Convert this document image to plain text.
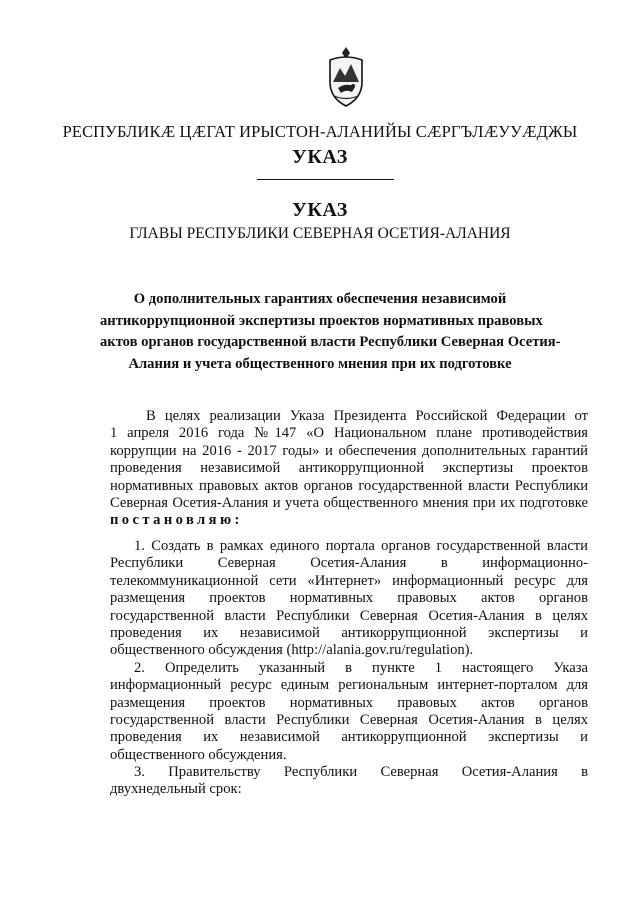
РЕСПУБЛИКӔ ЦӔГАТ ИРЫСТОН-АЛАНИЙЫ СӔРГЪЛӔУУӔДЖЫ
УКАЗ
УКАЗ
ГЛАВЫ РЕСПУБЛИКИ СЕВЕРНАЯ ОСЕТИЯ-АЛАНИЯ
О дополнительных гарантиях обеспечения независимой
антикоррупционной экспертизы проектов нормативных правовых
актов органов государственной власти Республики Северная Осетия-
Алания и учета общественного мнения при их подготовке
В целях реализации Указа Президента Российской Федерации от
1 апреля 2016 года №147 «О Национальном плане противодействия
коррупции на 2016 - 2017 годы» и обеспечения дополнительных гарантий
проведения независимой антикоррупционной экспертизы проектов
нормативных правовых актов органов государственной власти Республики
Северная Осетия-Алания и учета общественного мнения при их подготовке
постановляю:
1. Создать в рамках единого портала органов государственной власти
Республики Северная Осетия-Алания в информационно-
телекоммуникационной сети «Интернет» информационный ресурс для
размещения проектов нормативных правовых актов органов
государственной власти Республики Северная Осетия-Алания в целях
проведения их независимой антикоррупционной экспертизы и
общественного обсуждения (http://alania.gov.ru/regulation).
2. Определить указанный в пункте 1 настоящего Указа
информационный ресурс единым региональным интернет-порталом для
размещения проектов нормативных правовых актов органов
государственной власти Республики Северная Осетия-Алания в целях
проведения их независимой антикоррупционной экспертизы и
общественного обсуждения.
3. Правительству Республики Северная Осетия-Алания в
двухнедельный срок:
